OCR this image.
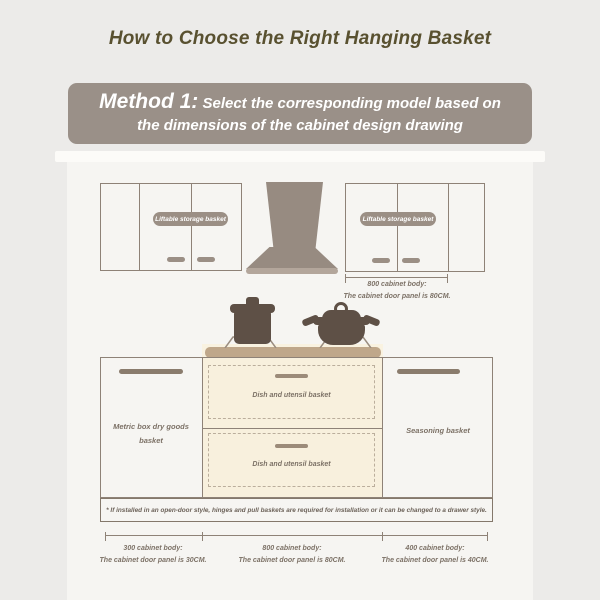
How to Choose the Right Hanging Basket
Method 1: Select the corresponding model based on the dimensions of the cabinet design drawing
Liftable storage basket	Liftable storage basket
800 cabinet body:
The cabinet door panel is 80CM.
Dish and utensil basket
Dish and utensil basket
Metric box dry goods basket
Seasoning basket
* If installed in an open-door style, hinges and pull baskets are required for installation or it can be changed to a drawer style.
300 cabinet body:
The cabinet door panel is 30CM.
800 cabinet body:
The cabinet door panel is 80CM.
400 cabinet body:
The cabinet door panel is 40CM.
